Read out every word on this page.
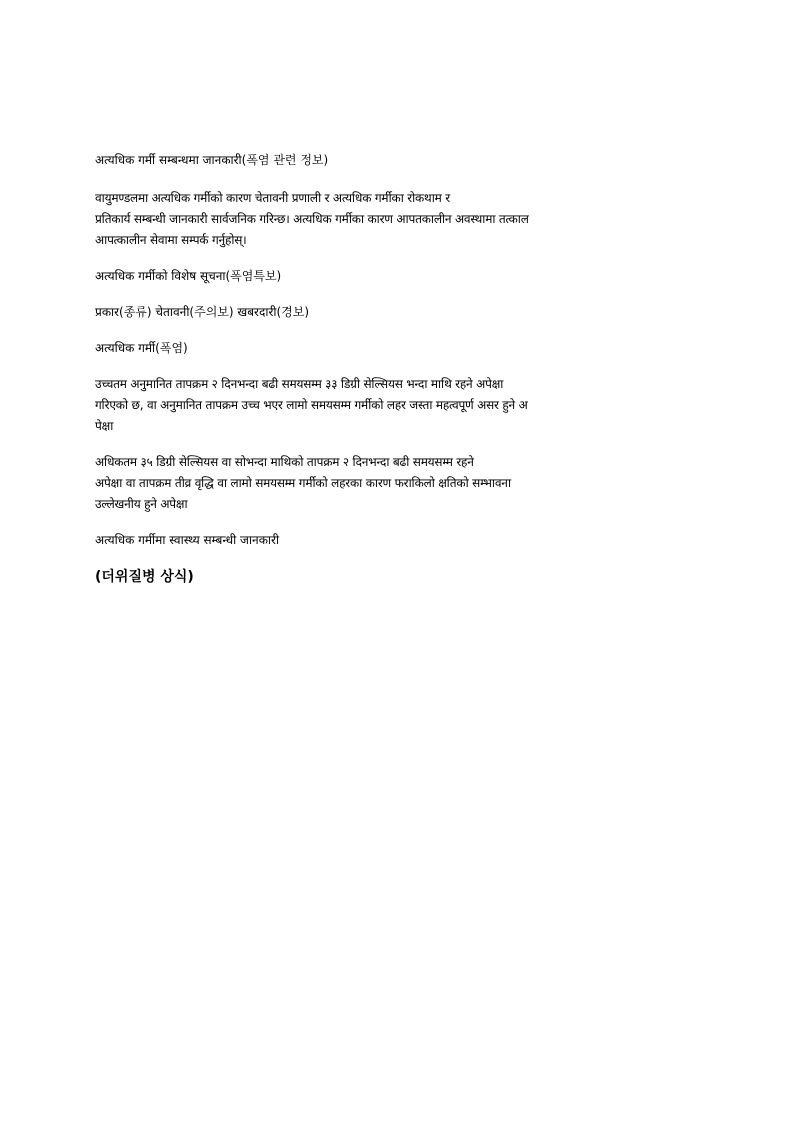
अत्यधिक गर्मी सम्बन्धमा जानकारी(폭염 관련 정보)
वायुमण्डलमा अत्यधिक गर्मीको कारण चेतावनी प्रणाली र अत्यधिक गर्मीका रोकथाम र
प्रतिकार्य सम्बन्धी जानकारी सार्वजनिक गरिन्छ। अत्यधिक गर्मीका कारण आपतकालीन अवस्थामा तत्काल
आपत्कालीन सेवामा सम्पर्क गर्नुहोस्।
अत्यधिक गर्मीको विशेष सूचना(폭염특보)
प्रकार(종류) चेतावनी(주의보) खबरदारी(경보)
अत्यधिक गर्मी(폭염)
उच्चतम अनुमानित तापक्रम २ दिनभन्दा बढी समयसम्म ३३ डिग्री सेल्सियस भन्दा माथि रहने अपेक्षा
गरिएको छ, वा अनुमानित तापक्रम उच्च भएर लामो समयसम्म गर्मीको लहर जस्ता महत्वपूर्ण असर हुने अ
पेक्षा
अधिकतम ३५ डिग्री सेल्सियस वा सोभन्दा माथिको तापक्रम २ दिनभन्दा बढी समयसम्म रहने
अपेक्षा वा तापक्रम तीव्र वृद्धि वा लामो समयसम्म गर्मीको लहरका कारण फराकिलो क्षतिको सम्भावना
उल्लेखनीय हुने अपेक्षा
अत्यधिक गर्मीमा स्वास्थ्य सम्बन्धी जानकारी
(더위질병 상식)
